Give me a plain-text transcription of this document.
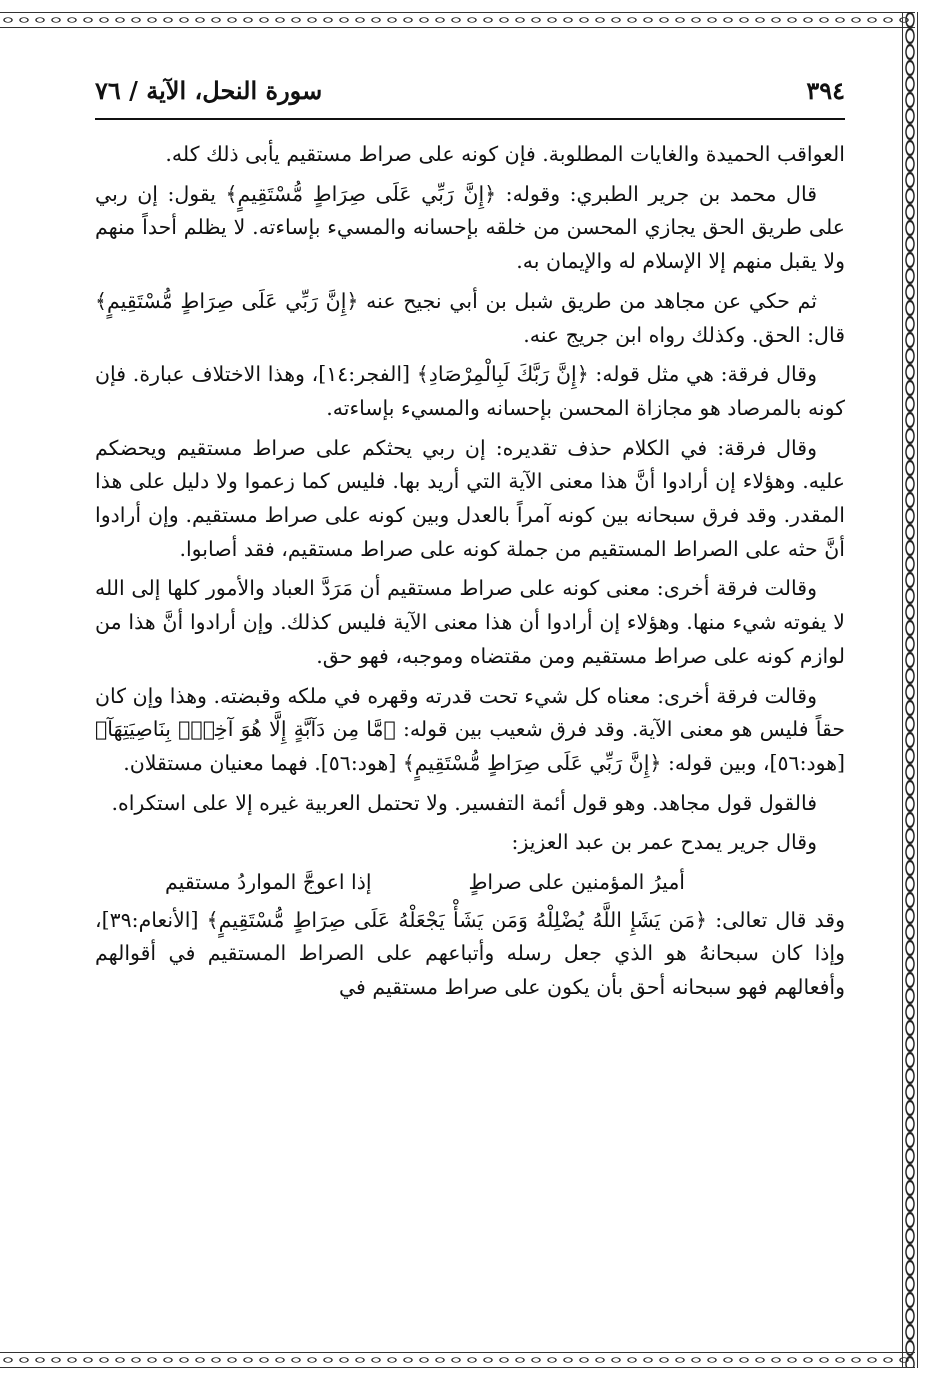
٣٩٤
سورة النحل، الآية / ٧٦

العواقب الحميدة والغايات المطلوبة. فإن كونه على صراط مستقيم يأبى ذلك كله.

قال محمد بن جرير الطبري: وقوله: ﴿إِنَّ رَبِّي عَلَى صِرَاطٍ مُّسْتَقِيمٍ﴾ يقول: إن ربي على طريق الحق يجازي المحسن من خلقه بإحسانه والمسيء بإساءته. لا يظلم أحداً منهم ولا يقبل منهم إلا الإسلام له والإيمان به.

ثم حكي عن مجاهد من طريق شبل بن أبي نجيح عنه ﴿إِنَّ رَبِّي عَلَى صِرَاطٍ مُّسْتَقِيمٍ﴾ قال: الحق. وكذلك رواه ابن جريج عنه.

وقال فرقة: هي مثل قوله: ﴿إِنَّ رَبَّكَ لَبِالْمِرْصَادِ﴾ [الفجر:١٤]، وهذا الاختلاف عبارة. فإن كونه بالمرصاد هو مجازاة المحسن بإحسانه والمسيء بإساءته.

وقال فرقة: في الكلام حذف تقديره: إن ربي يحثكم على صراط مستقيم ويحضكم عليه. وهؤلاء إن أرادوا أنَّ هذا معنى الآية التي أريد بها. فليس كما زعموا ولا دليل على هذا المقدر. وقد فرق سبحانه بين كونه آمراً بالعدل وبين كونه على صراط مستقيم. وإن أرادوا أنَّ حثه على الصراط المستقيم من جملة كونه على صراط مستقيم، فقد أصابوا.

وقالت فرقة أخرى: معنى كونه على صراط مستقيم أن مَرَدَّ العباد والأمور كلها إلى الله لا يفوته شيء منها. وهؤلاء إن أرادوا أن هذا معنى الآية فليس كذلك. وإن أرادوا أنَّ هذا من لوازم كونه على صراط مستقيم ومن مقتضاه وموجبه، فهو حق.

وقالت فرقة أخرى: معناه كل شيء تحت قدرته وقهره في ملكه وقبضته. وهذا وإن كان حقاً فليس هو معنى الآية. وقد فرق شعيب بين قوله: ﴿مَّا مِن دَآبَّةٍ إِلَّا هُوَ آخِذٌۢ بِنَاصِيَتِهَآ﴾ [هود:٥٦]، وبين قوله: ﴿إِنَّ رَبِّي عَلَى صِرَاطٍ مُّسْتَقِيمٍ﴾ [هود:٥٦]. فهما معنيان مستقلان.

فالقول قول مجاهد. وهو قول أئمة التفسير. ولا تحتمل العربية غيره إلا على استكراه.

وقال جرير يمدح عمر بن عبد العزيز:

أميرُ المؤمنين على صراطٍ
إذا اعوجَّ المواردُ مستقيم

وقد قال تعالى: ﴿مَن يَشَإِ اللَّهُ يُضْلِلْهُ وَمَن يَشَأْ يَجْعَلْهُ عَلَى صِرَاطٍ مُّسْتَقِيمٍ﴾ [الأنعام:٣٩]، وإذا كان سبحانهُ هو الذي جعل رسله وأتباعهم على الصراط المستقيم في أقوالهم وأفعالهم فهو سبحانه أحق بأن يكون على صراط مستقيم في
